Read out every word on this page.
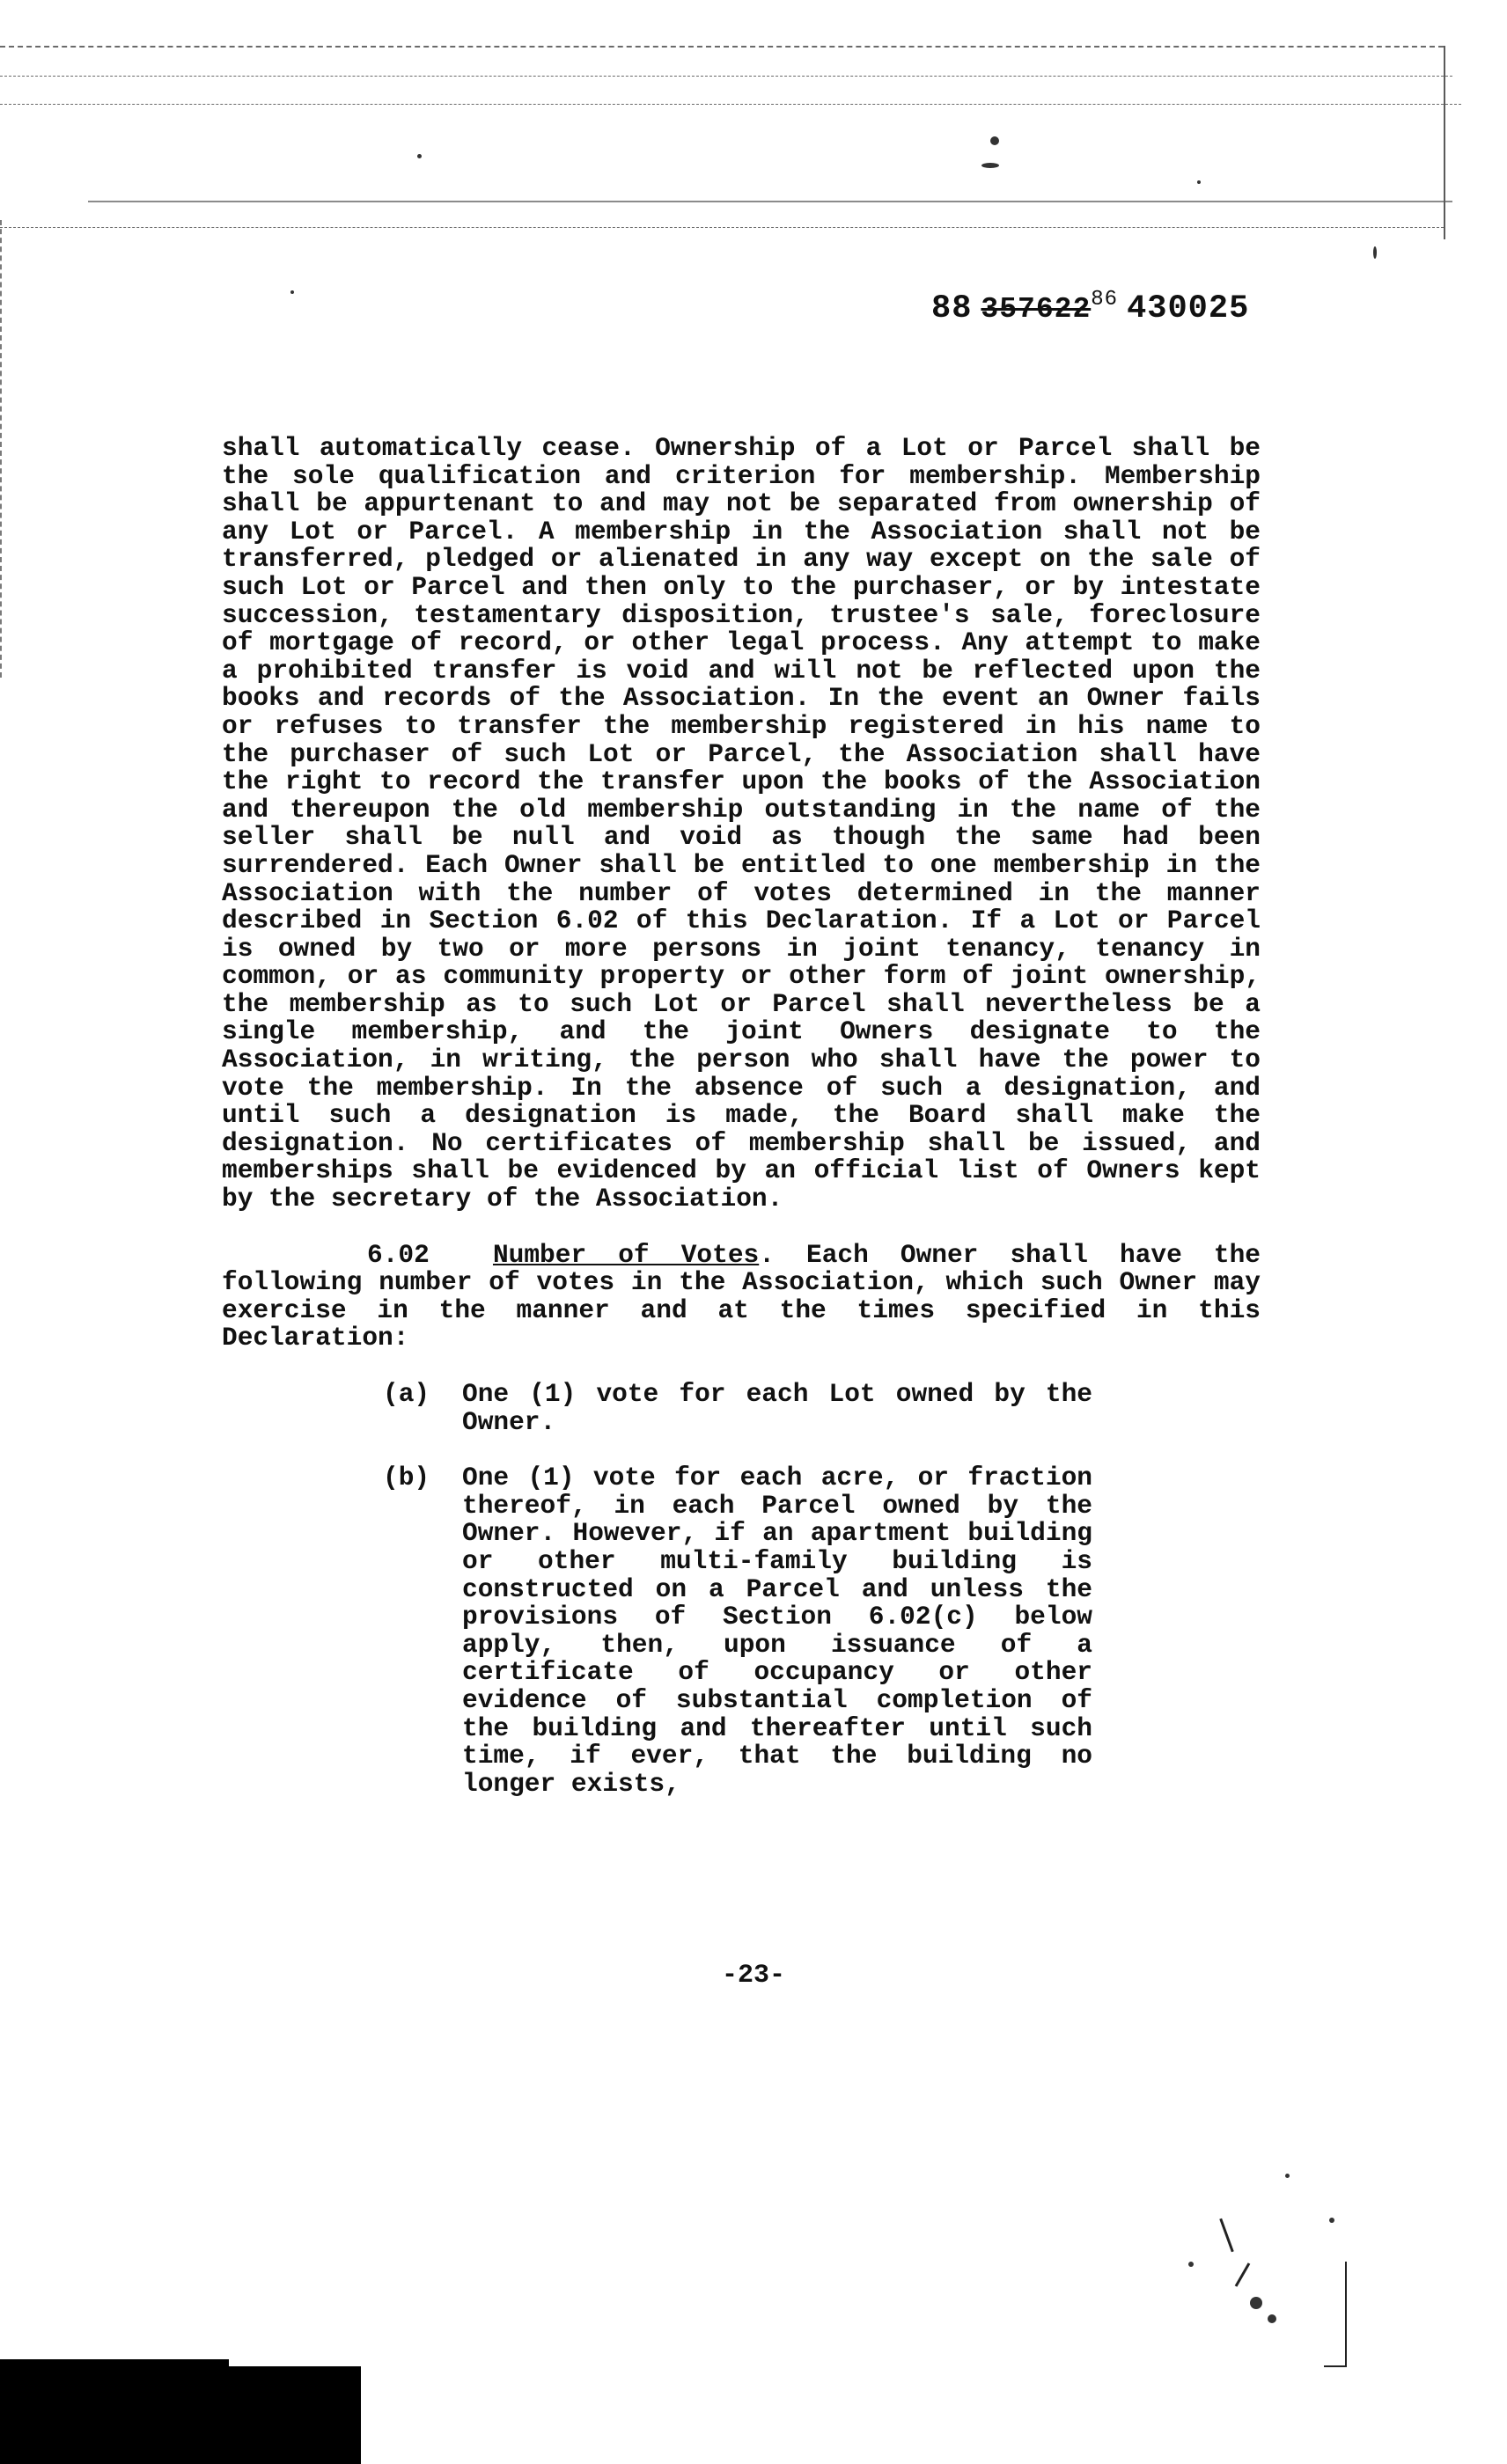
88 357622$^{86}$ 430025

shall automatically cease. Ownership of a Lot or Parcel shall be the sole qualification and criterion for membership. Membership shall be appurtenant to and may not be separated from ownership of any Lot or Parcel. A membership in the Association shall not be transferred, pledged or alienated in any way except on the sale of such Lot or Parcel and then only to the purchaser, or by intestate succession, testamentary disposition, trustee's sale, foreclosure of mortgage of record, or other legal process. Any attempt to make a prohibited transfer is void and will not be reflected upon the books and records of the Association. In the event an Owner fails or refuses to transfer the membership registered in his name to the purchaser of such Lot or Parcel, the Association shall have the right to record the transfer upon the books of the Association and thereupon the old membership outstanding in the name of the seller shall be null and void as though the same had been surrendered. Each Owner shall be entitled to one membership in the Association with the number of votes determined in the manner described in Section 6.02 of this Declaration. If a Lot or Parcel is owned by two or more persons in joint tenancy, tenancy in common, or as community property or other form of joint ownership, the membership as to such Lot or Parcel shall nevertheless be a single membership, and the joint Owners designate to the Association, in writing, the person who shall have the power to vote the membership. In the absence of such a designation, and until such a designation is made, the Board shall make the designation. No certificates of membership shall be issued, and memberships shall be evidenced by an official list of Owners kept by the secretary of the Association.

6.02 Number of Votes. Each Owner shall have the following number of votes in the Association, which such Owner may exercise in the manner and at the times specified in this Declaration:

(a)	One (1) vote for each Lot owned by the Owner.
(b)	One (1) vote for each acre, or fraction thereof, in each Parcel owned by the Owner. However, if an apartment building or other multi-family building is constructed on a Parcel and unless the provisions of Section 6.02(c) below apply, then, upon issuance of a certificate of occupancy or other evidence of substantial completion of the building and thereafter until such time, if ever, that the building no longer exists,
-23-
